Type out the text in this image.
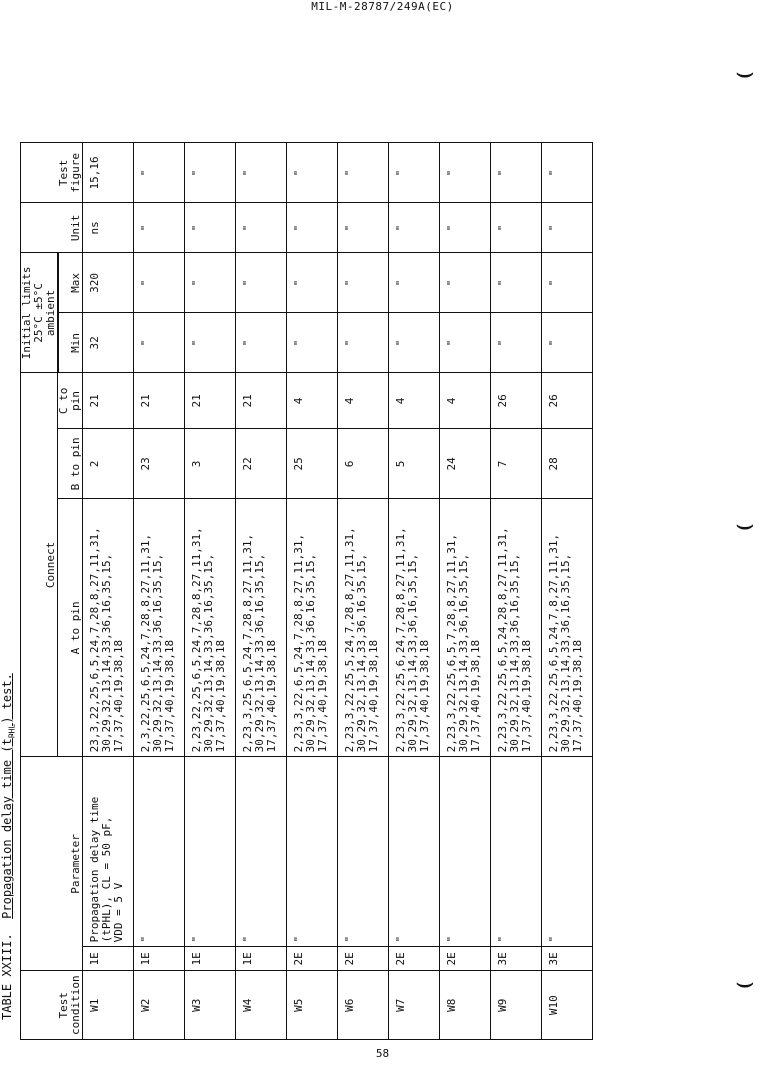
MIL-M-28787/249A(EC)
TABLE XXIII.  Propagation delay time $(t_{PHL})$ test.
Test condition	Parameter		Connect			Initial limits 25°C ±5°C ambient		Unit	Test figure
			A to pin	B to pin	C to pin				
						Min	Max		
W1	1E	Propagation delay time
(tPHL), CL = 50 pF,
VDD = 5 V	23,3,22,25,6,5,24,7,28,8,27,11,31,
30,29,32,13,14,33,36,16,35,15,
17,37,40,19,38,18	2	21	32	320	ns	15,16
W2	1E	"	2,3,22,25,6,5,24,7,28,8,27,11,31,
30,29,32,13,14,33,36,16,35,15,
17,37,40,19,38,18	23	21	"	"	"	"
W3	1E	"	2,23,22,25,6,5,24,7,28,8,27,11,31,
30,29,32,13,14,33,36,16,35,15,
17,37,40,19,38,18	3	21	"	"	"	"
W4	1E	"	2,23,3,25,6,5,24,7,28,8,27,11,31,
30,29,32,13,14,33,36,16,35,15,
17,37,40,19,38,18	22	21	"	"	"	"
W5	2E	"	2,23,3,22,6,5,24,7,28,8,27,11,31,
30,29,32,13,14,33,36,16,35,15,
17,37,40,19,38,18	25	4	"	"	"	"
W6	2E	"	2,23,3,22,25,5,24,7,28,8,27,11,31,
30,29,32,13,14,33,36,16,35,15,
17,37,40,19,38,18	6	4	"	"	"	"
W7	2E	"	2,23,3,22,25,6,24,7,28,8,27,11,31,
30,29,32,13,14,33,36,16,35,15,
17,37,40,19,38,18	5	4	"	"	"	"
W8	2E	"	2,23,3,22,25,6,5,7,28,8,27,11,31,
30,29,32,13,14,33,36,16,35,15,
17,37,40,19,38,18	24	4	"	"	"	"
W9	3E	"	2,23,3,22,25,6,5,24,28,8,27,11,31,
30,29,32,13,14,33,36,16,35,15,
17,37,40,19,38,18	7	26	"	"	"	"
W10	3E	"	2,23,3,22,25,6,5,24,7,8,27,11,31,
30,29,32,13,14,33,36,16,35,15,
17,37,40,19,38,18	28	26	"	"	"	"
⌣
⌣
⌣
58
